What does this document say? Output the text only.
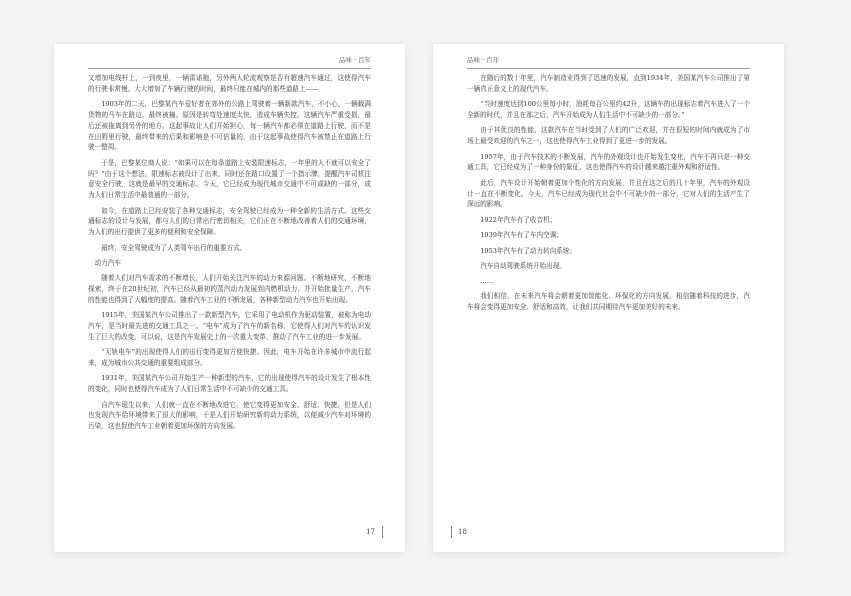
品味 · 百年

又增加电线杆上，一到夜里，一辆雷诺拖，另外两人轮流观察是否有超速汽车通过，这使得汽车的行驶非常慢。大大增加了车辆行驶的时间，最终只能在城内的那些道路上——

1903年的二天，巴黎某汽车爱好者在郊外的公路上驾驶着一辆新款汽车，不小心，一辆载满货物的马车在路边，最终被撞。原因是转弯处速度太快，造成车辆失控。这辆汽车严重受损，最后还被拖离到另外的地方。这起事故让人们开始担心，每一辆汽车都必须在道路上行驶，而不是在田野里行驶，最终带来的后果和影响是不可估量的，由于这起事故使得汽车被禁止在道路上行驶一整周。

于是，巴黎某位商人说：“如果可以在每条道路上安装限速标志，一年里的人不就可以安全了吗？”由于这个想法，限速标志被设计了出来，同时还在路口设置了一个指示牌，提醒汽车司机注意安全行驶，这就是最早的交通标志。今天，它已经成为现代城市交通中不可或缺的一部分，成为人们日常生活中最普通的一部分。

如今，在道路上已经安装了各种交通标志，安全驾驶已经成为一种全新的生活方式。这些交通标志的设计与发展，都与人们的日常出行密切相关，它们正在不断地改善着人们的交通环境，为人们的出行提供了更多的便利和安全保障。

最终，安全驾驶成为了人类驾车出行的重要方式。

动力汽车

随着人们对汽车需求的不断增长，人们开始关注汽车的动力来源问题。不断地研究，不断地探索，终于在20世纪初，汽车已经从最初的蒸汽动力发展到内燃机动力，并开始批量生产，汽车的性能也得到了大幅度的提高。随着汽车工业的不断发展，各种新型动力汽车也开始出现。

1915年，美国某汽车公司推出了一款新型汽车，它采用了电动机作为驱动装置，被称为电动汽车，是当时最先进的交通工具之一。“电车”成为了汽车的新名称，它使得人们对汽车的认识发生了巨大的改变，可以说，这是汽车发展史上的一次重大变革，推动了汽车工业的进一步发展。

“无轨电车”的出现使得人们的出行变得更加方便快捷。因此，电车开始在许多城市中流行起来，成为城市公共交通的重要组成部分。

1931年，美国某汽车公司开始生产一种新型的汽车，它的出现使得汽车的设计发生了根本性的变化，同时也使得汽车成为了人们日常生活中不可缺少的交通工具。

自汽车诞生以来，人们就一直在不断地改进它，使它变得更加安全、舒适、快捷。但是人们也发现汽车给环境带来了很大的影响，于是人们开始研究新的动力系统，以便减少汽车对环境的污染，这也促使汽车工业朝着更加环保的方向发展。

17
品味 · 百年

在随后的数十年里，汽车制造业得到了迅速的发展，直到1934年，美国某汽车公司推出了第一辆真正意义上的现代汽车。

“当时速度达到100公里每小时，油耗每百公里约42升，这辆车的出现标志着汽车进入了一个全新的时代，并且在那之后，汽车开始成为人们生活中不可缺少的一部分。”

由于其优良的性能，这款汽车在当时受到了人们的广泛欢迎，并在很短的时间内就成为了市场上最受欢迎的汽车之一，这也使得汽车工业得到了更进一步的发展。

1957年，由于汽车技术的不断发展，汽车的外观设计也开始发生变化，汽车不再只是一种交通工具，它已经成为了一种身份的象征，这也使得汽车的设计越来越注重外观和舒适性。

此后，汽车设计开始朝着更加个性化的方向发展，并且在这之后的几十年里，汽车的外观设计一直在不断变化。今天，汽车已经成为现代社会中不可缺少的一部分，它对人们的生活产生了深远的影响。

1922年汽车有了收音机；

1939年汽车有了车内空调；

1953年汽车有了动力转向系统；

汽车自动驾驶系统开始出现。

……

我们相信，在未来汽车将会朝着更加智能化、环保化的方向发展。相信随着科技的进步，汽车将会变得更加安全、舒适和高效，让我们共同期待汽车更加美好的未来。

18
